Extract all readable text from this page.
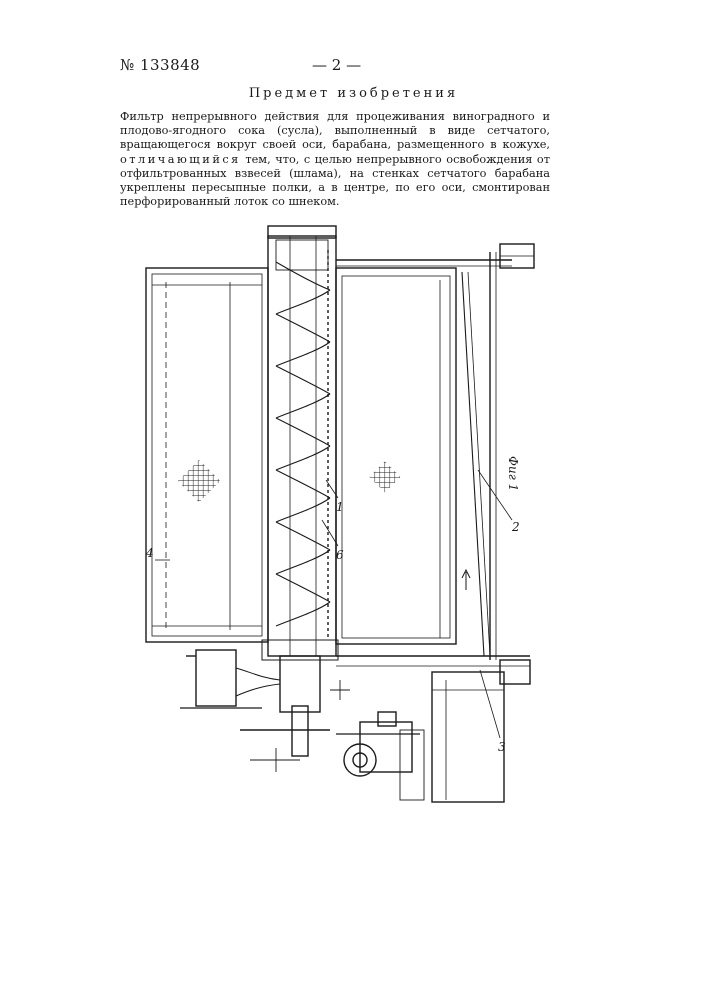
№ 133848	— 2 —
Предмет изобретения
Фильтр непрерывного действия для процеживания виноградного и плодово-ягодного сока (сусла), выполненный в виде сетчатого, вращающегося вокруг своей оси, барабана, размещенного в кожухе, отличающийся тем, что, с целью непрерывного освобождения от отфильтрованных взвесей (шлама), на стенках сетчатого барабана укреплены пересыпные полки, а в центре, по его оси, смонтирован перфорированный лоток со шнеком.
4
1
6
2
3
Фиг 1
